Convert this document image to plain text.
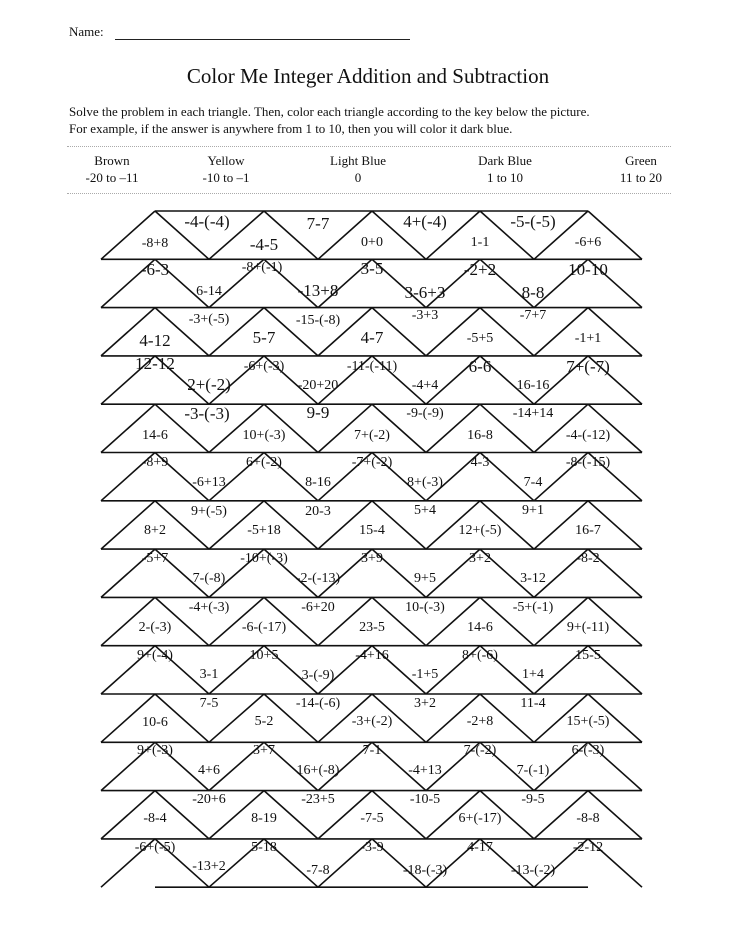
Name:
Color Me Integer Addition and Subtraction
Solve the problem in each triangle. Then, color each triangle according to the key below the picture.
For example, if the answer is anywhere from 1 to 10, then you will color it dark blue.
Brown
-20 to –11
Yellow
-10 to –1
Light Blue
0
Dark Blue
1 to 10
Green
11 to 20
-4-(-4)	7-7	4+(-4)	-5-(-5)
-8+8	-4-5	0+0	1-1	-6+6
-6-3	-8+(-1)	3-5	-2+2	10-10
6-14	-13+8	3-6+3	8-8
-3+(-5)	-15-(-8)	-3+3	-7+7
4-12	5-7	4-7	-5+5	-1+1
12-12	-6+(-3)	-11-(-11)	6-6	7+(-7)
2+(-2)	-20+20	-4+4	16-16
-3-(-3)	9-9	-9-(-9)	-14+14
14-6	10+(-3)	7+(-2)	16-8	-4-(-12)
-8+9	6+(-2)	-7+(-2)	4-3	-8-(-15)
-6+13	8-16	8+(-3)	7-4
9+(-5)	20-3	5+4	9+1
8+2	-5+18	15-4	12+(-5)	16-7
-5+7	-10+(-3)	3+9	3+2	-8-2
7-(-8)	-2-(-13)	9+5	3-12
-4+(-3)	-6+20	10-(-3)	-5+(-1)
2-(-3)	-6-(-17)	23-5	14-6	9+(-11)
9+(-4)	10+5	-4+16	8+(-6)	15-5
3-1	3-(-9)	-1+5	1+4
7-5	-14-(-6)	3+2	11-4
10-6	5-2	-3+(-2)	-2+8	15+(-5)
9+(-3)	3+7	7-1	7-(-2)	6-(-3)
4+6	16+(-8)	-4+13	7-(-1)
-20+6	-23+5	-10-5	-9-5
-8-4	8-19	-7-5	6+(-17)	-8-8
-6+(-5)	5-18	-3-9	4-17	-2-12
-13+2	-7-8	-18-(-3)	-13-(-2)
